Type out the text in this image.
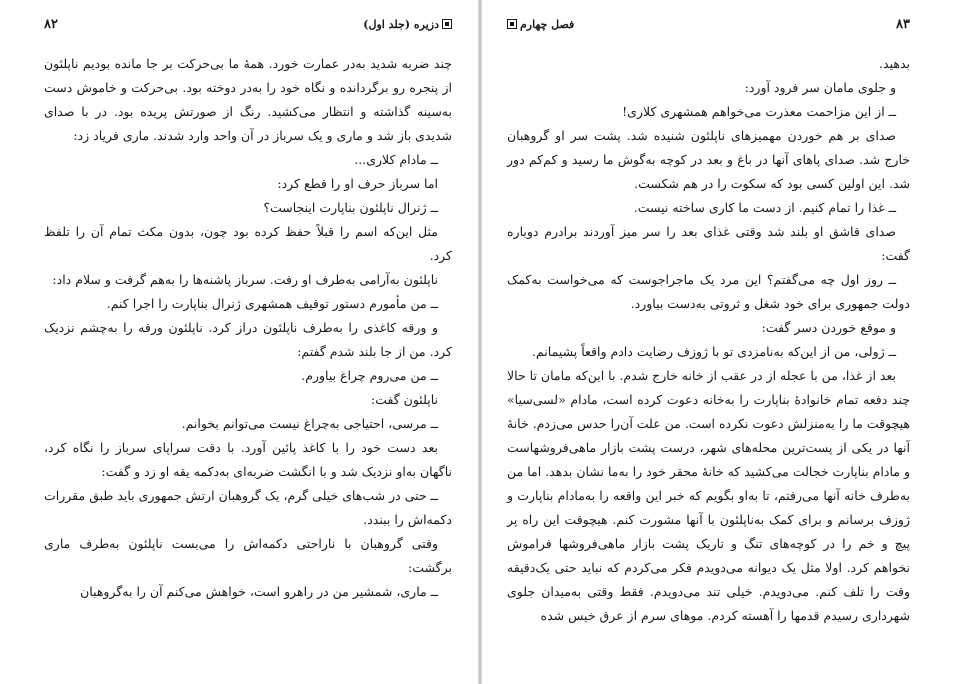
دزیره (جلد اول)
۸۲

چند ضربه شدید به‌در عمارت خورد. همهٔ ما بی‌حرکت بر جا مانده بودیم ناپلئون از پنجره رو برگردانده و نگاه خود را به‌در دوخته بود. بی‌حرکت و خاموش دست به‌سینه گذاشته و انتظار می‌کشید. رنگ از صورتش پریده بود. در با صدای شدیدی باز شد و ماری و یک سرباز در آن واحد وارد شدند. ماری فریاد زد:

ــ مادام کلاری...

اما سرباز حرف او را قطع کرد:

ــ ژنرال ناپلئون بناپارت اینجاست؟

مثل این‌که اسم را قبلاً حفظ کرده بود چون، بدون مکث تمام آن را تلفظ کرد.

ناپلئون به‌آرامی به‌طرف او رفت. سرباز پاشنه‌ها را به‌هم گرفت و سلام داد:

ــ من مأمورم دستور توقیف همشهری ژنرال بناپارت را اجرا کنم.

و ورقه کاغذی را به‌طرف ناپلئون دراز کرد. ناپلئون ورقه را به‌چشم نزدیک کرد. من از جا بلند شدم گفتم:

ــ من می‌روم چراغ بیاورم.

ناپلئون گفت:

ــ مرسی، احتیاجی به‌چراغ نیست می‌توانم بخوانم.

بعد دست خود را با کاغذ پائین آورد. با دقت سراپای سرباز را نگاه کرد، ناگهان به‌او نزدیک شد و با انگشت ضربه‌ای به‌دکمه یقه او زد و گفت:

ــ حتی در شب‌های خیلی گرم، یک گروهبان ارتش جمهوری باید طبق مقررات دکمه‌اش را ببندد.

وقتی گروهبان با ناراحتی دکمه‌اش را می‌بست ناپلئون به‌طرف ماری برگشت:

ــ ماری، شمشیر من در راهرو است، خواهش می‌کنم آن را به‌گروهبان

۸۳
فصل چهارم

بدهید.

و جلوی مامان سر فرود آورد:

ــ از این مزاحمت معذرت می‌خواهم همشهری کلاری!

صدای بر هم خوردن مهمیزهای ناپلئون شنیده شد. پشت سر او گروهبان خارج شد. صدای پاهای آنها در باغ و بعد در کوچه به‌گوش ما رسید و کم‌کم دور شد. این اولین کسی بود که سکوت را در هم شکست.

ــ غذا را تمام کنیم. از دست ما کاری ساخته نیست.

صدای قاشق او بلند شد وقتی غذای بعد را سر میز آوردند برادرم دوباره گفت:

ــ روز اول چه می‌گفتم؟ این مرد یک ماجراجوست که می‌خواست به‌کمک دولت جمهوری برای خود شغل و ثروتی به‌دست بیاورد.

و موقع خوردن دسر گفت:

ــ ژولی، من از این‌که به‌نامزدی تو با ژوزف رضایت دادم واقعاً پشیمانم.

بعد از غذا، من با عجله از در عقب از خانه خارج شدم. با این‌که مامان تا حالا چند دفعه تمام خانوادهٔ بناپارت را به‌خانه دعوت کرده است، مادام «لسی‌سیا» هیچوقت ما را به‌منزلش دعوت نکرده است. من علت آن‌را حدس می‌زدم. خانهٔ آنها در یکی از پست‌ترین محله‌های شهر، درست پشت بازار ماهی‌فروشهاست و مادام بناپارت خجالت می‌کشید که خانهٔ محقر خود را به‌ما نشان بدهد. اما من به‌طرف خانه آنها می‌رفتم، تا به‌او بگویم که خبر این واقعه را به‌مادام بناپارت و ژوزف برسانم و برای کمک به‌ناپلئون با آنها مشورت کنم. هیچوقت این راه پر پیچ و خم را در کوچه‌های تنگ و تاریک پشت بازار ماهی‌فروشها فراموش نخواهم کرد. اولا مثل یک دیوانه می‌دویدم فکر می‌کردم که نباید حتی یک‌دقیقه وقت را تلف کنم. می‌دویدم. خیلی تند می‌دویدم. فقط وقتی به‌میدان جلوی شهرداری رسیدم قدمها را آهسته کردم. موهای سرم از عرق خیس شده
